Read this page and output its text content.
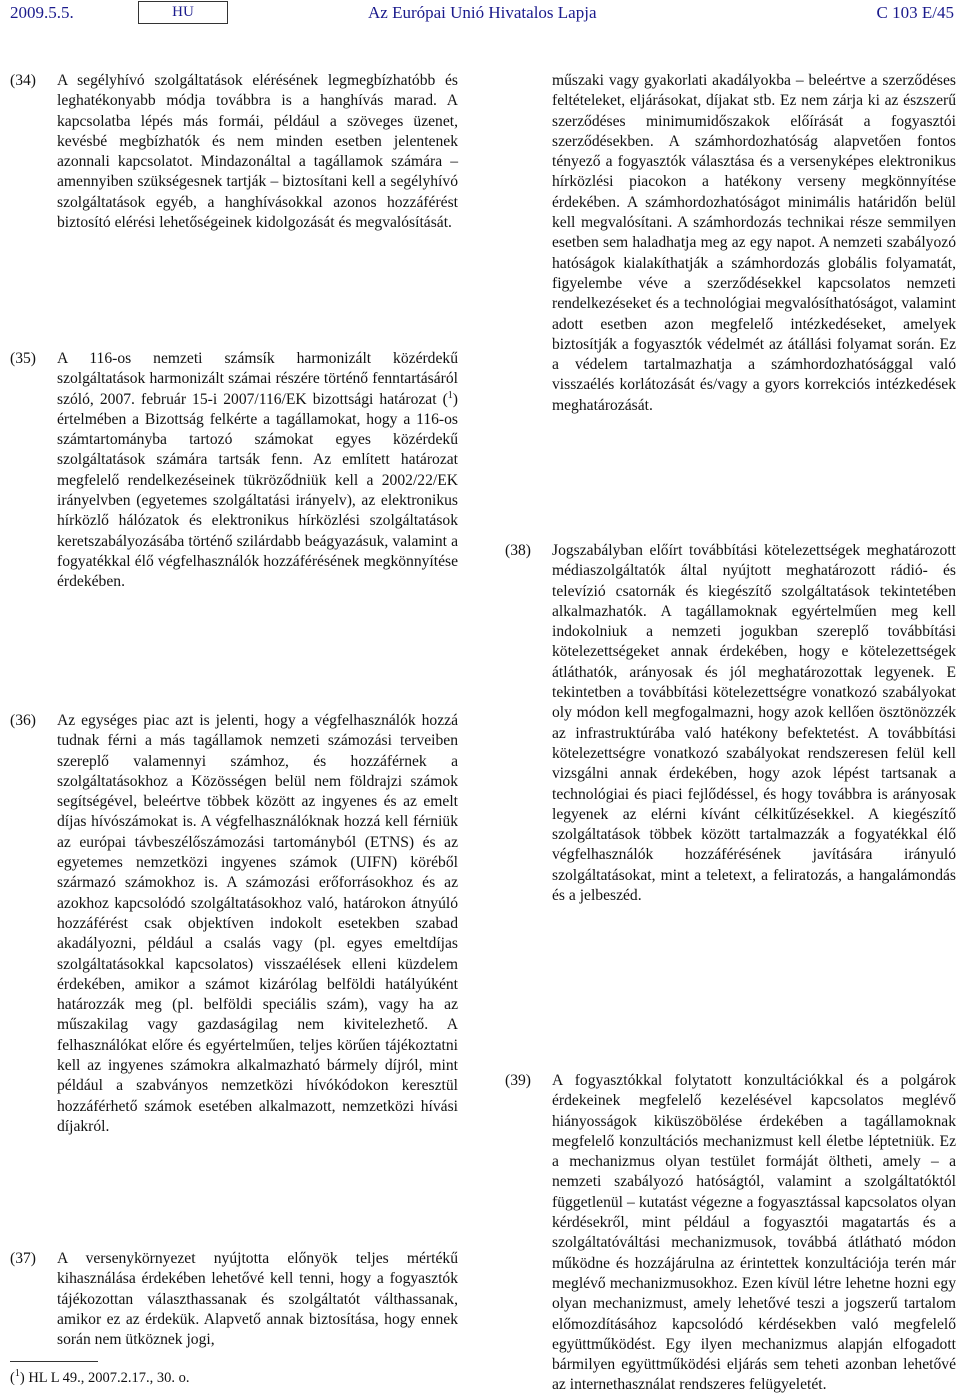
2009.5.5.	HU	Az Európai Unió Hivatalos Lapja	C 103 E/45
(34) A segélyhívó szolgáltatások elérésének legmegbízhatóbb és leghatékonyabb módja továbbra is a hanghívás marad. A kapcsolatba lépés más formái, például a szöveges üzenet, kevésbé megbízhatók és nem minden esetben jelentenek azonnali kapcsolatot. Mindazonáltal a tagállamok számára – amennyiben szükségesnek tartják – biztosítani kell a segélyhívó szolgáltatások egyéb, a hanghívásokkal azonos hozzáférést biztosító elérési lehetőségeinek kidolgozását és megvalósítását.
(35) A 116-os nemzeti számsík harmonizált közérdekű szolgáltatások harmonizált számai részére történő fenntartásáról szóló, 2007. február 15-i 2007/116/EK bizottsági határozat ($^1$) értelmében a Bizottság felkérte a tagállamokat, hogy a 116-os számtartományba tartozó számokat egyes közérdekű szolgáltatások számára tartsák fenn. Az említett határozat megfelelő rendelkezéseinek tükröződniük kell a 2002/22/EK irányelvben (egyetemes szolgáltatási irányelv), az elektronikus hírközlő hálózatok és elektronikus hírközlési szolgáltatások keretszabályozásába történő szilárdabb beágyazásuk, valamint a fogyatékkal élő végfelhasználók hozzáférésének megkönnyítése érdekében.
(36) Az egységes piac azt is jelenti, hogy a végfelhasználók hozzá tudnak férni a más tagállamok nemzeti számozási terveiben szereplő valamennyi számhoz, és hozzáférnek a szolgáltatásokhoz a Közösségen belül nem földrajzi számok segítségével, beleértve többek között az ingyenes és az emelt díjas hívószámokat is. A végfelhasználóknak hozzá kell férniük az európai távbeszélőszámozási tartományból (ETNS) és az egyetemes nemzetközi ingyenes számok (UIFN) köréből származó számokhoz is. A számozási erőforrásokhoz és az azokhoz kapcsolódó szolgáltatásokhoz való, határokon átnyúló hozzáférést csak objektíven indokolt esetekben szabad akadályozni, például a csalás vagy (pl. egyes emeltdíjas szolgáltatásokkal kapcsolatos) visszaélések elleni küzdelem érdekében, amikor a számot kizárólag belföldi hatályúként határozzák meg (pl. belföldi speciális szám), vagy ha az műszakilag vagy gazdaságilag nem kivitelezhető. A felhasználókat előre és egyértelműen, teljes körűen tájékoztatni kell az ingyenes számokra alkalmazható bármely díjról, mint például a szabványos nemzetközi hívókódokon keresztül hozzáférhető számok esetében alkalmazott, nemzetközi hívási díjakról.
(37) A versenykörnyezet nyújtotta előnyök teljes mértékű kihasználása érdekében lehetővé kell tenni, hogy a fogyasztók tájékozottan választhassanak és szolgáltatót válthassanak, amikor ez az érdekük. Alapvető annak biztosítása, hogy ennek során nem ütköznek jogi,
műszaki vagy gyakorlati akadályokba – beleértve a szerződéses feltételeket, eljárásokat, díjakat stb. Ez nem zárja ki az észszerű szerződéses minimumidőszakok előírását a fogyasztói szerződésekben. A számhordozhatóság alapvetően fontos tényező a fogyasztók választása és a versenyképes elektronikus hírközlési piacokon a hatékony verseny megkönnyítése érdekében. A számhordozhatóságot minimális határidőn belül kell megvalósítani. A számhordozás technikai része semmilyen esetben sem haladhatja meg az egy napot. A nemzeti szabályozó hatóságok kialakíthatják a számhordozás globális folyamatát, figyelembe véve a szerződésekkel kapcsolatos nemzeti rendelkezéseket és a technológiai megvalósíthatóságot, valamint adott esetben azon megfelelő intézkedéseket, amelyek biztosítják a fogyasztók védelmét az átállási folyamat során. Ez a védelem tartalmazhatja a számhordozhatósággal való visszaélés korlátozását és/vagy a gyors korrekciós intézkedések meghatározását.
(38) Jogszabályban előírt továbbítási kötelezettségek meghatározott médiaszolgáltatók által nyújtott meghatározott rádió- és televízió csatornák és kiegészítő szolgáltatások tekintetében alkalmazhatók. A tagállamoknak egyértelműen meg kell indokolniuk a nemzeti jogukban szereplő továbbítási kötelezettségeket annak érdekében, hogy e kötelezettségek átláthatók, arányosak és jól meghatározottak legyenek. E tekintetben a továbbítási kötelezettségre vonatkozó szabályokat oly módon kell megfogalmazni, hogy azok kellően ösztönözzék az infrastruktúrába való hatékony befektetést. A továbbítási kötelezettségre vonatkozó szabályokat rendszeresen felül kell vizsgálni annak érdekében, hogy azok lépést tartsanak a technológiai és piaci fejlődéssel, és hogy továbbra is arányosak legyenek az elérni kívánt célkitűzésekkel. A kiegészítő szolgáltatások többek között tartalmazzák a fogyatékkal élő végfelhasználók hozzáférésének javítására irányuló szolgáltatásokat, mint a teletext, a feliratozás, a hangalámondás és a jelbeszéd.
(39) A fogyasztókkal folytatott konzultációkkal és a polgárok érdekeinek megfelelő kezelésével kapcsolatos meglévő hiányosságok kiküszöbölése érdekében a tagállamoknak megfelelő konzultációs mechanizmust kell életbe léptetniük. Ez a mechanizmus olyan testület formáját öltheti, amely – a nemzeti szabályozó hatóságtól, valamint a szolgáltatóktól függetlenül – kutatást végezne a fogyasztással kapcsolatos olyan kérdésekről, mint például a fogyasztói magatartás és a szolgáltatóváltási mechanizmusok, továbbá átlátható módon működne és hozzájárulna az érintettek konzultációja terén már meglévő mechanizmusokhoz. Ezen kívül létre lehetne hozni egy olyan mechanizmust, amely lehetővé teszi a jogszerű tartalom előmozdításához kapcsolódó kérdésekben való megfelelő együttműködést. Egy ilyen mechanizmus alapján elfogadott bármilyen együttműködési eljárás sem teheti azonban lehetővé az internethasználat rendszeres felügyeletét.
($^1$) HL L 49., 2007.2.17., 30. o.
